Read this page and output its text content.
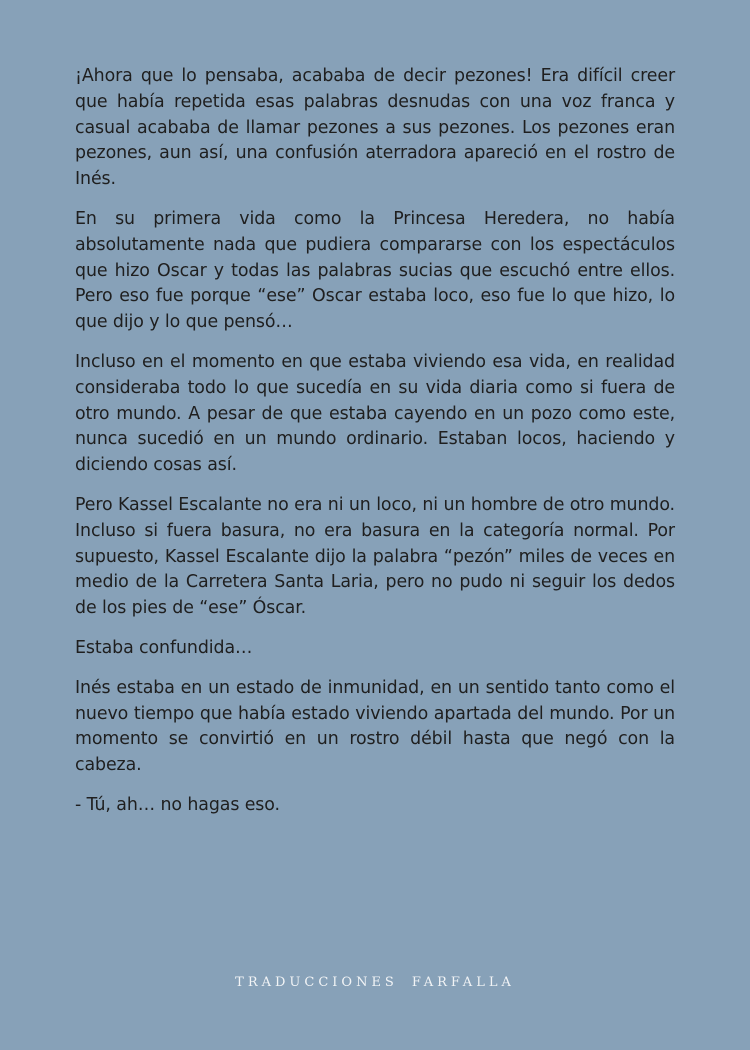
¡Ahora que lo pensaba, acababa de decir pezones! Era difícil creer que había repetida esas palabras desnudas con una voz franca y casual acababa de llamar pezones a sus pezones. Los pezones eran pezones, aun así, una confusión aterradora apareció en el rostro de Inés.

En su primera vida como la Princesa Heredera, no había absolutamente nada que pudiera compararse con los espectáculos que hizo Oscar y todas las palabras sucias que escuchó entre ellos. Pero eso fue porque “ese” Oscar estaba loco, eso fue lo que hizo, lo que dijo y lo que pensó…

Incluso en el momento en que estaba viviendo esa vida, en realidad consideraba todo lo que sucedía en su vida diaria como si fuera de otro mundo. A pesar de que estaba cayendo en un pozo como este, nunca sucedió en un mundo ordinario. Estaban locos, haciendo y diciendo cosas así.

Pero Kassel Escalante no era ni un loco, ni un hombre de otro mundo. Incluso si fuera basura, no era basura en la categoría normal. Por supuesto, Kassel Escalante dijo la palabra “pezón” miles de veces en medio de la Carretera Santa Laria, pero no pudo ni seguir los dedos de los pies de “ese” Óscar.

Estaba confundida…

Inés estaba en un estado de inmunidad, en un sentido tanto como el nuevo tiempo que había estado viviendo apartada del mundo. Por un momento se convirtió en un rostro débil hasta que negó con la cabeza.

- Tú, ah… no hagas eso.

TRADUCCIONES FARFALLA
